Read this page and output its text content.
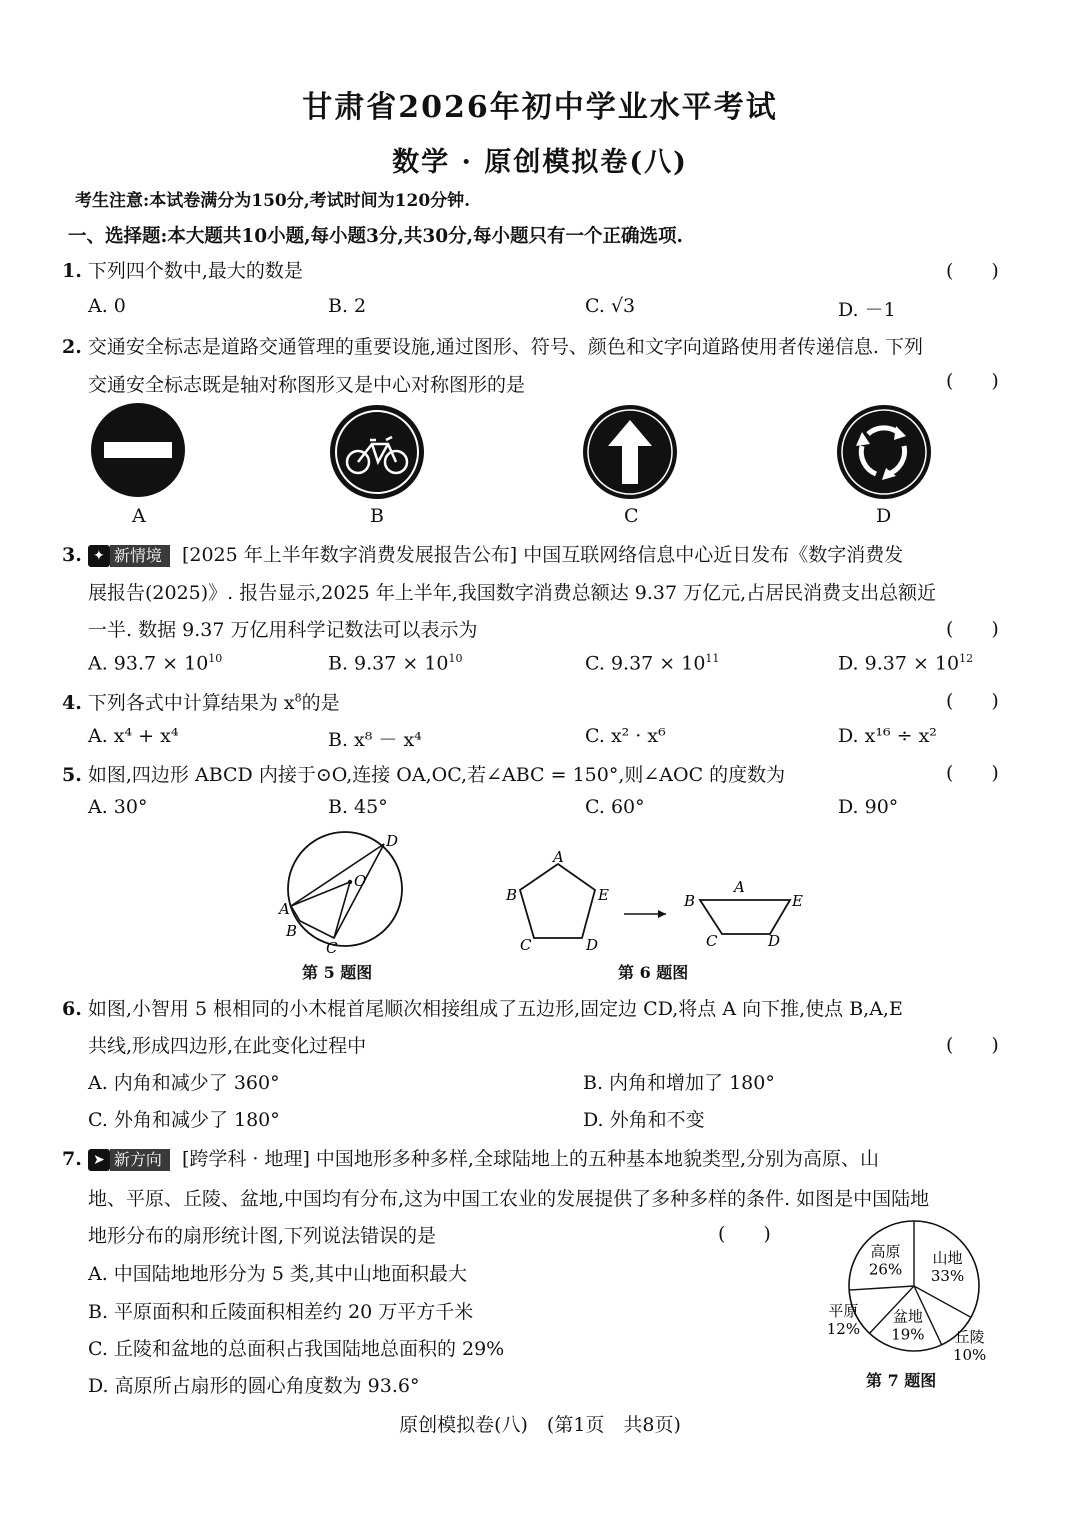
甘肃省2026年初中学业水平考试
数学 · 原创模拟卷(八)
考生注意:本试卷满分为150分,考试时间为120分钟.
一、选择题:本大题共10小题,每小题3分,共30分,每小题只有一个正确选项.
1. 下列四个数中,最大的数是	(　　)
A. 0	B. 2	C. √3	D. －1
2. 交通安全标志是道路交通管理的重要设施,通过图形、符号、颜色和文字向道路使用者传递信息. 下列
交通安全标志既是轴对称图形又是中心对称图形的是	(　　)
A	B	C	D
3. ✦ 新情境	[2025 年上半年数字消费发展报告公布] 中国互联网络信息中心近日发布《数字消费发
展报告(2025)》. 报告显示,2025 年上半年,我国数字消费总额达 9.37 万亿元,占居民消费支出总额近
一半. 数据 9.37 万亿用科学记数法可以表示为	(　　)
A. $93.7 \times 10^{10}$	B. $9.37 \times 10^{10}$	C. $9.37 \times 10^{11}$	D. $9.37 \times 10^{12}$
4. 下列各式中计算结果为 $x^8$的是	(　　)
A. x⁴ + x⁴	B. x⁸ － x⁴	C. x² · x⁶	D. x¹⁶ ÷ x²
5. 如图,四边形 ABCD 内接于⊙O,连接 OA,OC,若∠ABC = 150°,则∠AOC 的度数为	(　　)
A. 30°	B. 45°	C. 60°	D. 90°
D
O
A
B
C
第 5 题图
A
B	E
C	D
A
B	E
C	D
第 6 题图
6. 如图,小智用 5 根相同的小木棍首尾顺次相接组成了五边形,固定边 CD,将点 A 向下推,使点 B,A,E
共线,形成四边形,在此变化过程中	(　　)
A. 内角和减少了 360°	B. 内角和增加了 180°
C. 外角和减少了 180°	D. 外角和不变
7. ➤ 新方向	[跨学科 · 地理] 中国地形多种多样,全球陆地上的五种基本地貌类型,分别为高原、山
地、平原、丘陵、盆地,中国均有分布,这为中国工农业的发展提供了多种多样的条件. 如图是中国陆地
地形分布的扇形统计图,下列说法错误的是	(　　)
A. 中国陆地地形分为 5 类,其中山地面积最大
B. 平原面积和丘陵面积相差约 20 万平方千米
C. 丘陵和盆地的总面积占我国陆地总面积的 29%
D. 高原所占扇形的圆心角度数为 93.6°
高原
26%
山地
33%
丘陵
10%
盆地
19%
平原
12%
第 7 题图
原创模拟卷(八)　(第1页　共8页)
